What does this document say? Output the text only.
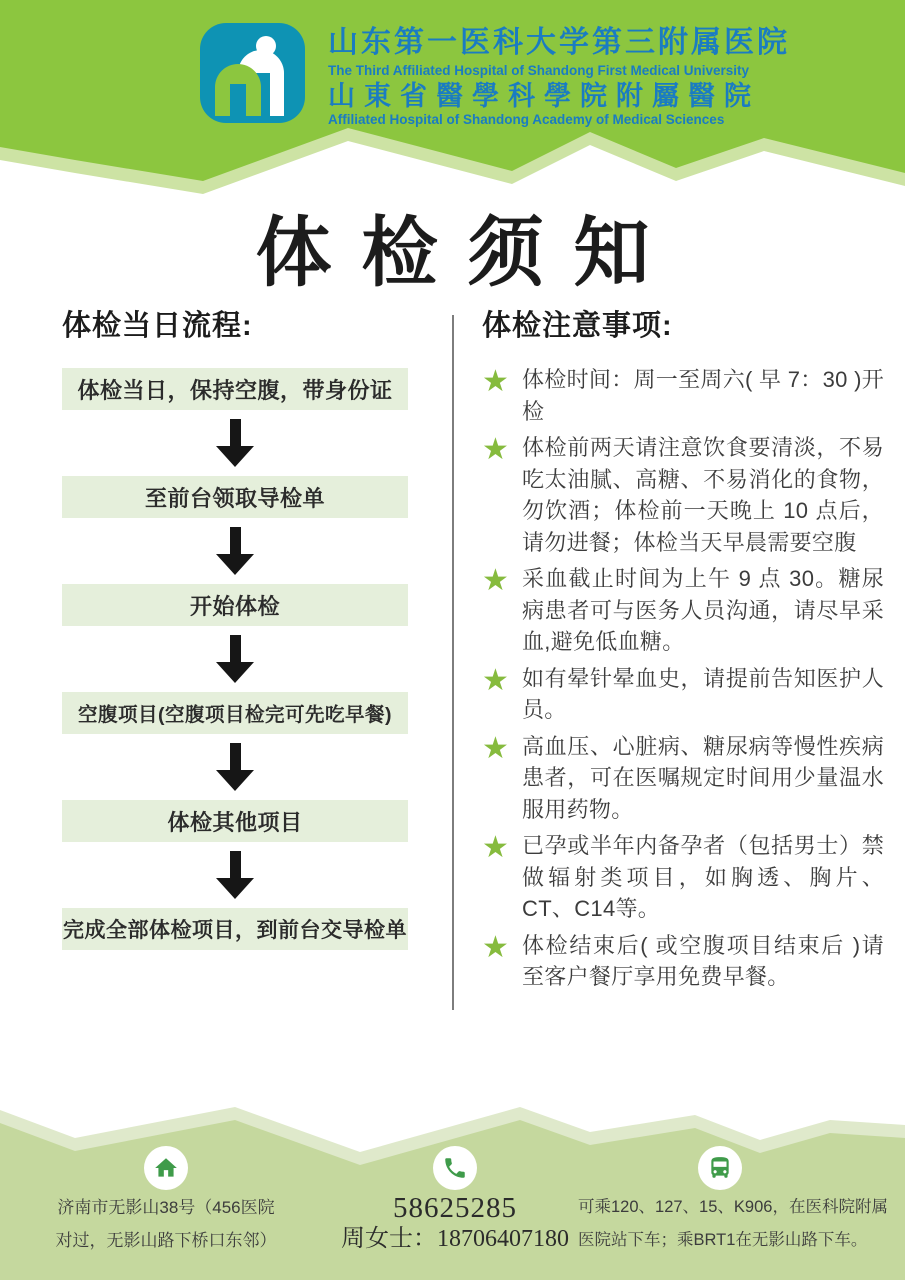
山东第一医科大学第三附属医院
The Third Affiliated Hospital of Shandong First Medical University
山東省醫學科學院附屬醫院
Affiliated Hospital of Shandong Academy of Medical Sciences
体检须知
体检当日流程:
体检当日，保持空腹，带身份证
至前台领取导检单
开始体检
空腹项目(空腹项目检完可先吃早餐)
体检其他项目
完成全部体检项目，到前台交导检单
体检注意事项:
★ 体检时间：周一至周六( 早 7：30 )开检
★ 体检前两天请注意饮食要清淡，不易吃太油腻、高糖、不易消化的食物，勿饮酒；体检前一天晚上 10 点后，请勿进餐；体检当天早晨需要空腹
★ 采血截止时间为上午 9 点 30。糖尿病患者可与医务人员沟通，请尽早采血,避免低血糖。
★ 如有晕针晕血史，请提前告知医护人员。
★ 高血压、心脏病、糖尿病等慢性疾病患者，可在医嘱规定时间用少量温水服用药物。
★ 已孕或半年内备孕者（包括男士）禁做辐射类项目，如胸透、胸片、CT、C14等。
★ 体检结束后( 或空腹项目结束后 )请至客户餐厅享用免费早餐。
济南市无影山38号（456医院
对过，无影山路下桥口东邻）
58625285
周女士：18706407180
可乘120、127、15、K906，在医科院附属
医院站下车；乘BRT1在无影山路下车。
